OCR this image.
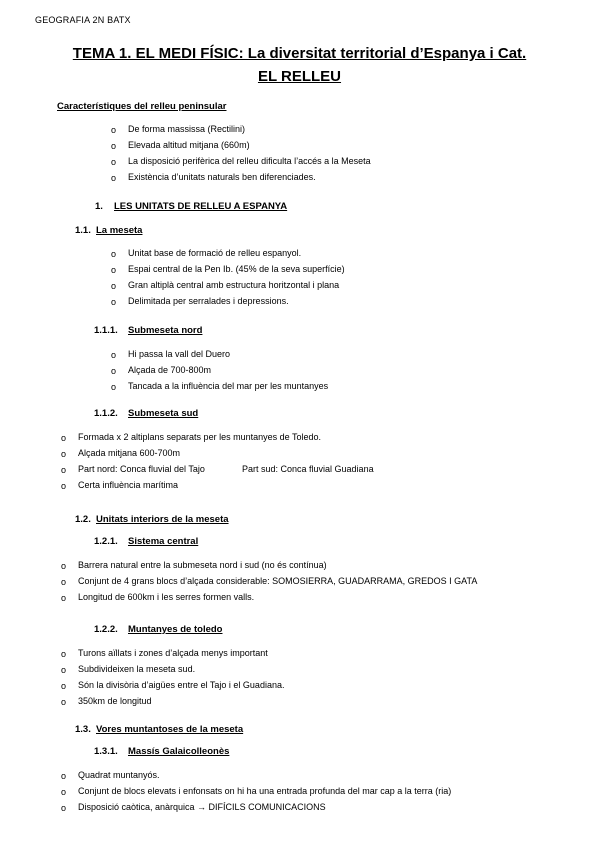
GEOGRAFIA 2N BATX
TEMA 1. EL MEDI FÍSIC: La diversitat territorial d’Espanya i Cat.
EL RELLEU
Característiques del relleu peninsular
o De forma massissa (Rectilini)
o Elevada altitud mitjana (660m)
o La disposició perifèrica del relleu dificulta l’accés a la Meseta
o Existència d’unitats naturals ben diferenciades.
1. LES UNITATS DE RELLEU A ESPANYA
1.1. La meseta
o Unitat base de formació de relleu espanyol.
o Espai central de la Pen Ib. (45% de la seva superfície)
o Gran altiplà central amb estructura horitzontal i plana
o Delimitada per serralades i depressions.
1.1.1. Submeseta nord
o Hi passa la vall del Duero
o Alçada de 700-800m
o Tancada a la influència del mar per les muntanyes
1.1.2. Submeseta sud
o Formada x 2 altiplans separats per les muntanyes de Toledo.
o Alçada mitjana 600-700m
o Part nord: Conca fluvial del Tajo	Part sud: Conca fluvial Guadiana
o Certa influència marítima
1.2. Unitats interiors de la meseta
1.2.1. Sistema central
o Barrera natural entre la submeseta nord i sud (no és contínua)
o Conjunt de 4 grans blocs d’alçada considerable: SOMOSIERRA, GUADARRAMA, GREDOS I GATA
o Longitud de 600km i les serres formen valls.
1.2.2. Muntanyes de toledo
o Turons aïllats i zones d’alçada menys important
o Subdivideixen la meseta sud.
o Són la divisòria d’aigües entre el Tajo i el Guadiana.
o 350km de longitud
1.3. Vores muntantoses de la meseta
1.3.1. Massís Galaicolleonès
o Quadrat muntanyós.
o Conjunt de blocs elevats i enfonsats on hi ha una entrada profunda del mar cap a la terra (ria)
o Disposició caòtica, anàrquica → DIFÍCILS COMUNICACIONS
